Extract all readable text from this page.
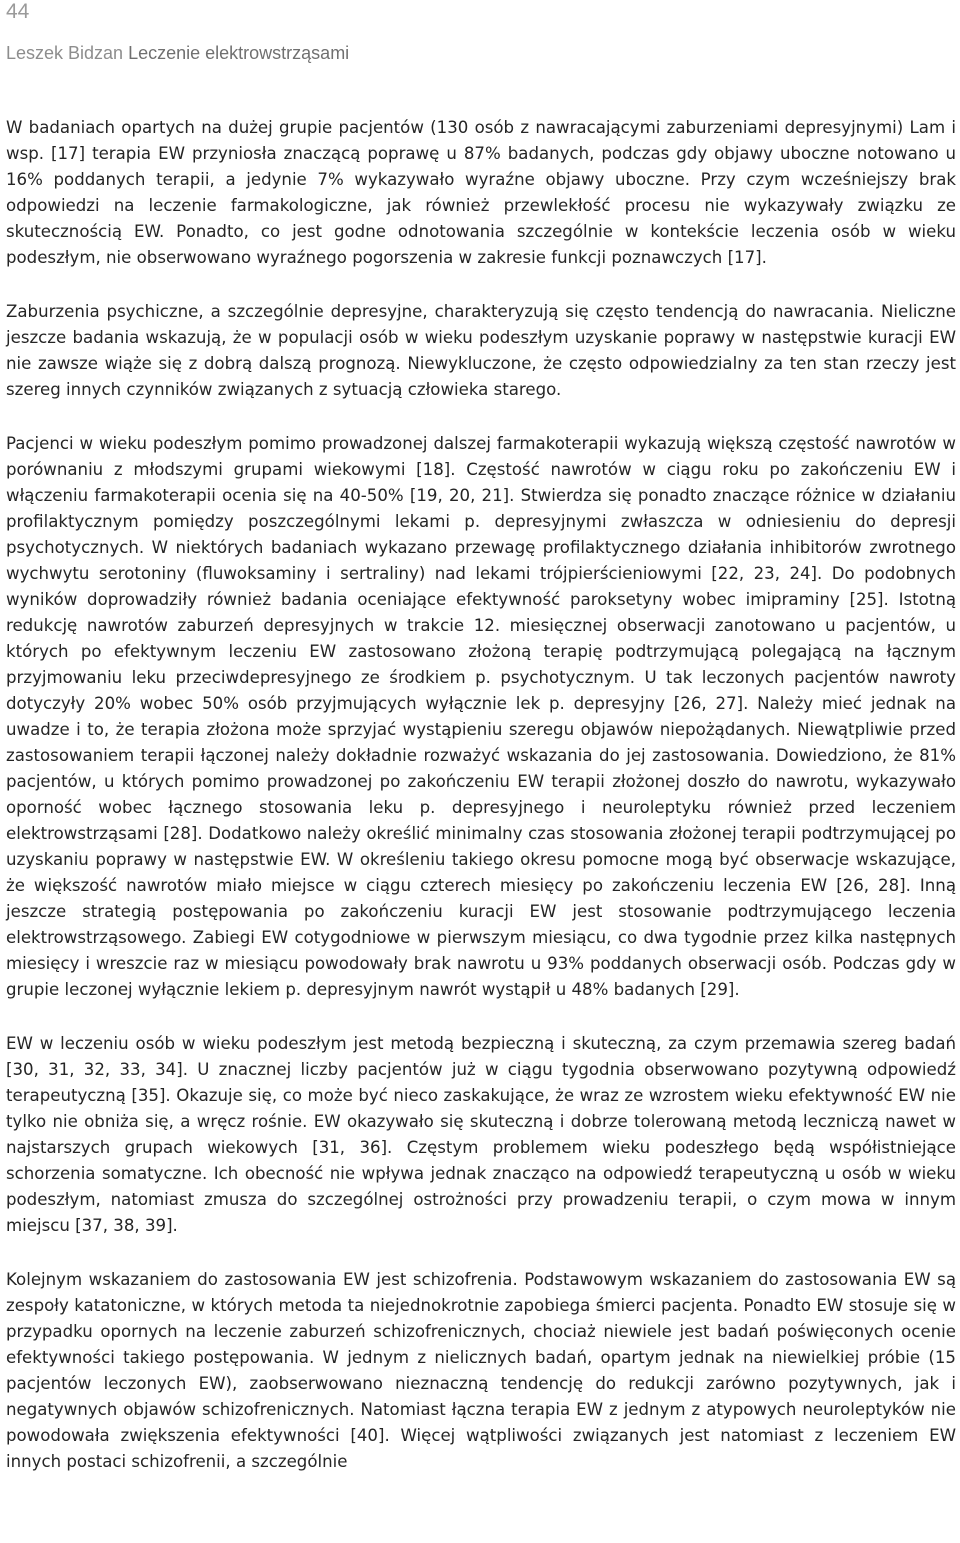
44
Leszek Bidzan Leczenie elektrowstrząsami

W badaniach opartych na dużej grupie pacjentów (130 osób z nawracającymi zaburzeniami depresyjnymi) Lam i wsp. [17] terapia EW przyniosła znaczącą poprawę u 87% badanych, podczas gdy objawy uboczne notowano u 16% poddanych terapii, a jedynie 7% wykazywało wyraźne objawy uboczne. Przy czym wcześniejszy brak odpowiedzi na leczenie farmakologiczne, jak również przewlekłość procesu nie wykazywały związku ze skutecznością EW. Ponadto, co jest godne odnotowania szczególnie w kontekście leczenia osób w wieku podeszłym, nie obserwowano wyraźnego pogorszenia w zakresie funkcji poznawczych [17].

Zaburzenia psychiczne, a szczególnie depresyjne, charakteryzują się często tendencją do nawracania. Nieliczne jeszcze badania wskazują, że w populacji osób w wieku podeszłym uzyskanie poprawy w następstwie kuracji EW nie zawsze wiąże się z dobrą dalszą prognozą. Niewykluczone, że często odpowiedzialny za ten stan rzeczy jest szereg innych czynników związanych z sytuacją człowieka starego.

Pacjenci w wieku podeszłym pomimo prowadzonej dalszej farmakoterapii wykazują większą częstość nawrotów w porównaniu z młodszymi grupami wiekowymi [18]. Częstość nawrotów w ciągu roku po zakończeniu EW i włączeniu farmakoterapii ocenia się na 40-50% [19, 20, 21]. Stwierdza się ponadto znaczące różnice w działaniu profilaktycznym pomiędzy poszczególnymi lekami p. depresyjnymi zwłaszcza w odniesieniu do depresji psychotycznych. W niektórych badaniach wykazano przewagę profilaktycznego działania inhibitorów zwrotnego wychwytu serotoniny (fluwoksaminy i sertraliny) nad lekami trójpierścieniowymi [22, 23, 24]. Do podobnych wyników doprowadziły również badania oceniające efektywność paroksetyny wobec imipraminy [25]. Istotną redukcję nawrotów zaburzeń depresyjnych w trakcie 12. miesięcznej obserwacji zanotowano u pacjentów, u których po efektywnym leczeniu EW zastosowano złożoną terapię podtrzymującą polegającą na łącznym przyjmowaniu leku przeciwdepresyjnego ze środkiem p. psychotycznym. U tak leczonych pacjentów nawroty dotyczyły 20% wobec 50% osób przyjmujących wyłącznie lek p. depresyjny [26, 27]. Należy mieć jednak na uwadze i to, że terapia złożona może sprzyjać wystąpieniu szeregu objawów niepożądanych. Niewątpliwie przed zastosowaniem terapii łączonej należy dokładnie rozważyć wskazania do jej zastosowania. Dowiedziono, że 81% pacjentów, u których pomimo prowadzonej po zakończeniu EW terapii złożonej doszło do nawrotu, wykazywało oporność wobec łącznego stosowania leku p. depresyjnego i neuroleptyku również przed leczeniem elektrowstrząsami [28]. Dodatkowo należy określić minimalny czas stosowania złożonej terapii podtrzymującej po uzyskaniu poprawy w następstwie EW. W określeniu takiego okresu pomocne mogą być obserwacje wskazujące, że większość nawrotów miało miejsce w ciągu czterech miesięcy po zakończeniu leczenia EW [26, 28]. Inną jeszcze strategią postępowania po zakończeniu kuracji EW jest stosowanie podtrzymującego leczenia elektrowstrząsowego. Zabiegi EW cotygodniowe w pierwszym miesiącu, co dwa tygodnie przez kilka następnych miesięcy i wreszcie raz w miesiącu powodowały brak nawrotu u 93% poddanych obserwacji osób. Podczas gdy w grupie leczonej wyłącznie lekiem p. depresyjnym nawrót wystąpił u 48% badanych [29].

EW w leczeniu osób w wieku podeszłym jest metodą bezpieczną i skuteczną, za czym przemawia szereg badań [30, 31, 32, 33, 34]. U znacznej liczby pacjentów już w ciągu tygodnia obserwowano pozytywną odpowiedź terapeutyczną [35]. Okazuje się, co może być nieco zaskakujące, że wraz ze wzrostem wieku efektywność EW nie tylko nie obniża się, a wręcz rośnie. EW okazywało się skuteczną i dobrze tolerowaną metodą leczniczą nawet w najstarszych grupach wiekowych [31, 36]. Częstym problemem wieku podeszłego będą współistniejące schorzenia somatyczne. Ich obecność nie wpływa jednak znacząco na odpowiedź terapeutyczną u osób w wieku podeszłym, natomiast zmusza do szczególnej ostrożności przy prowadzeniu terapii, o czym mowa w innym miejscu [37, 38, 39].

Kolejnym wskazaniem do zastosowania EW jest schizofrenia. Podstawowym wskazaniem do zastosowania EW są zespoły katatoniczne, w których metoda ta niejednokrotnie zapobiega śmierci pacjenta. Ponadto EW stosuje się w przypadku opornych na leczenie zaburzeń schizofrenicznych, chociaż niewiele jest badań poświęconych ocenie efektywności takiego postępowania. W jednym z nielicznych badań, opartym jednak na niewielkiej próbie (15 pacjentów leczonych EW), zaobserwowano nieznaczną tendencję do redukcji zarówno pozytywnych, jak i negatywnych objawów schizofrenicznych. Natomiast łączna terapia EW z jednym z atypowych neuroleptyków nie powodowała zwiększenia efektywności [40]. Więcej wątpliwości związanych jest natomiast z leczeniem EW innych postaci schizofrenii, a szczególnie
